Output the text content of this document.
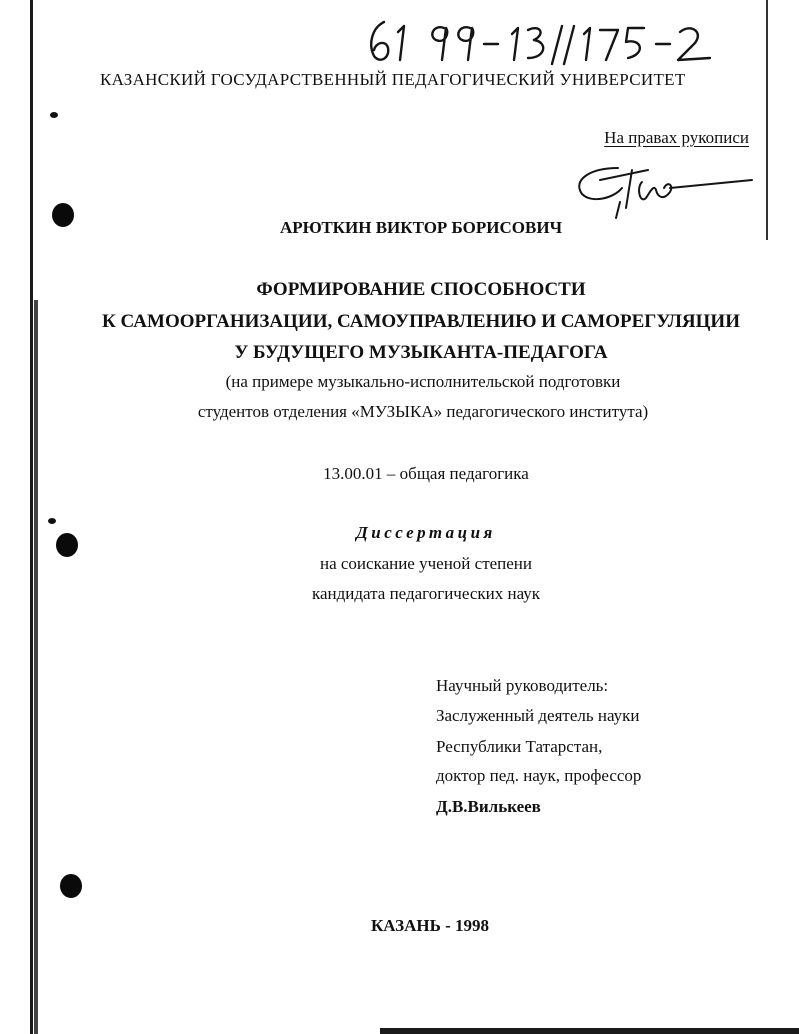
КАЗАНСКИЙ ГОСУДАРСТВЕННЫЙ ПЕДАГОГИЧЕСКИЙ УНИВЕРСИТЕТ
На правах рукописи
АРЮТКИН ВИКТОР БОРИСОВИЧ
ФОРМИРОВАНИЕ СПОСОБНОСТИ
К САМООРГАНИЗАЦИИ, САМОУПРАВЛЕНИЮ И САМОРЕГУЛЯЦИИ
У БУДУЩЕГО МУЗЫКАНТА-ПЕДАГОГА
(на примере музыкально-исполнительской подготовки
студентов отделения «МУЗЫКА» педагогического института)
13.00.01 – общая педагогика
Диссертация
на соискание ученой степени
кандидата педагогических наук
Научный руководитель:
Заслуженный деятель науки
Республики Татарстан,
доктор пед. наук, профессор
Д.В.Вилькеев
КАЗАНЬ - 1998
